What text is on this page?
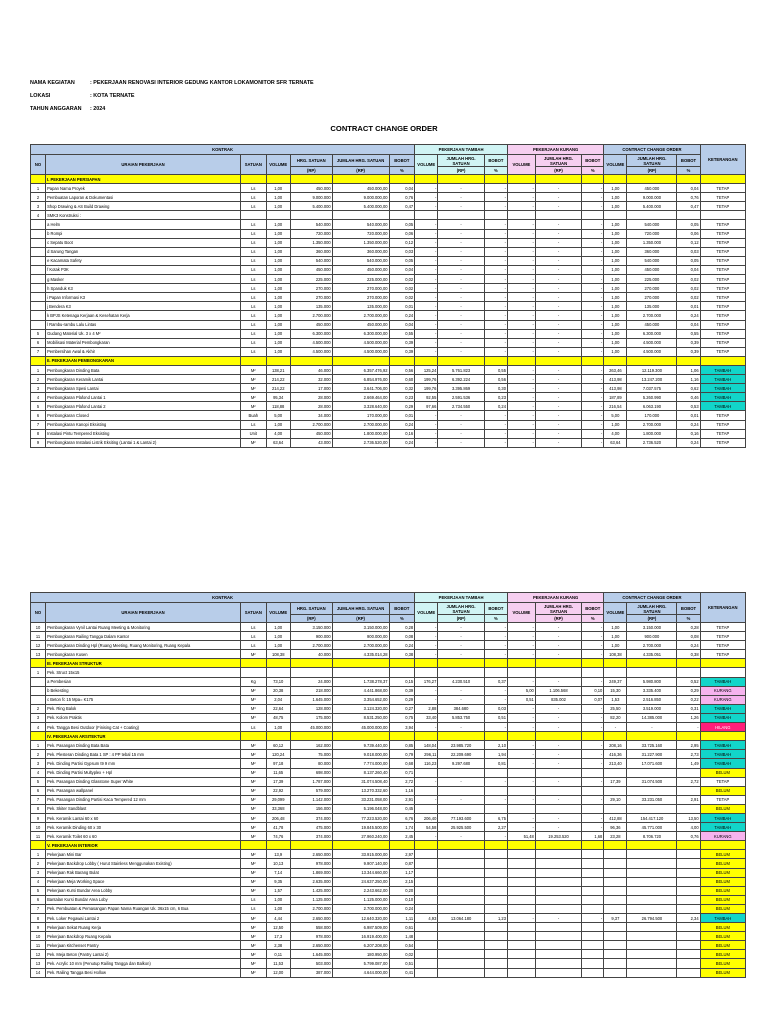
NAMA KEGIATAN	: PEKERJAAN RENOVASI INTERIOR GEDUNG KANTOR LOKAMONITOR SFR TERNATE
LOKASI	: KOTA TERNATE
TAHUN ANGGARAN : 2024
CONTRACT CHANGE ORDER
KONTRAK							PEKERJAAN TAMBAH			PEKERJAAN KURANG			CONTRACT CHANGE ORDER			KETERANGAN
NO	URAIAN PEKERJAAN	SATUAN	VOLUME	HRG. SATUAN	JUMLAH HRG. SATUAN	BOBOT	VOLUME	JUMLAH HRG. SATUAN	BOBOT	VOLUME	JUMLAH HRG. SATUAN	BOBOT	VOLUME	JUMLAH HRG. SATUAN	BOBOT	
				(RP)	(RP)	%		(RP)	%		(RP)	%		(RP)	%	
	I. PEKERJAAN PERSIAPAN															
1	Papan Nama Proyek	Ls	1,00	450.000	450.000,00	0,04	-	-	-	-	-	-	1,00	450.000	0,04	TETAP
2	Pembuatan Laporan & Dokumentasi	Ls	1,00	9.000.000	9.000.000,00	0,76	-	-	-	-	-	-	1,00	9.000.000	0,76	TETAP
3	Shop Drawing & AS Build Drawing	Ls	1,00	5.400.000	5.400.000,00	0,47	-	-	-	-	-	-	1,00	5.400.000	0,47	TETAP
4	SMK3 Konstruksi :															
	a Helm	Ls	1,00	540.000	540.000,00	0,05	-	-	-	-	-	-	1,00	540.000	0,05	TETAP
	b Rompi	Ls	1,00	720.000	720.000,00	0,06	-	-	-	-	-	-	1,00	720.000	0,06	TETAP
	c Sepatu Boot	Ls	1,00	1.350.000	1.350.000,00	0,12	-	-	-	-	-	-	1,00	1.350.000	0,12	TETAP
	d Sarung Tangan	Ls	1,00	360.000	360.000,00	0,03	-	-	-	-	-	-	1,00	360.000	0,03	TETAP
	e Kacamata Safety	Ls	1,00	540.000	540.000,00	0,05	-	-	-	-	-	-	1,00	540.000	0,05	TETAP
	f Kotak P3K	Ls	1,00	450.000	450.000,00	0,04	-	-	-	-	-	-	1,00	450.000	0,04	TETAP
	g Masker	Ls	1,00	225.000	225.000,00	0,02	-	-	-	-	-	-	1,00	225.000	0,02	TETAP
	h Spanduk K3	Ls	1,00	270.000	270.000,00	0,02	-	-	-	-	-	-	1,00	270.000	0,02	TETAP
	i Papan Informasi K3	Ls	1,00	270.000	270.000,00	0,02	-	-	-	-	-	-	1,00	270.000	0,02	TETAP
	j Bendera K3	Ls	1,00	135.000	135.000,00	0,01	-	-	-	-	-	-	1,00	135.000	0,01	TETAP
	k BPJS Ketenaga Kerjaan & Kesehatan Kerja	Ls	1,00	2.700.000	2.700.000,00	0,24	-	-	-	-	-	-	1,00	2.700.000	0,24	TETAP
	l Rambu-rambu Lalu Lintas	Ls	1,00	450.000	450.000,00	0,04	-	-	-	-	-	-	1,00	450.000	0,04	TETAP
5	Gudang Material Uk. 3 x 4 M²	Ls	1,00	6.300.000	6.300.000,00	0,55	-	-	-	-	-	-	1,00	6.300.000	0,55	TETAP
6	Mobilisasi Material Pembongkaran	Ls	1,00	4.500.000	4.500.000,00	0,39	-	-	-	-	-	-	1,00	4.500.000	0,39	TETAP
7	Pembersihan Awal & Akhir	Ls	1,00	4.500.000	4.500.000,00	0,39	-	-	-	-	-	-	1,00	4.500.000	0,39	TETAP
	II. PEKERJAAN PEMBONGKARAN															
1	Pembongkaran Dinding Bata	M²	138,21	46.000	6.357.476,92	0,56	125,24	5.761.823	0,55	-	-	-	263,46	12.119.300	1,06	TAMBAH
2	Pembongkaran Keramik Lantai	M²	214,22	32.000	6.854.976,00	0,60	199,76	6.392.224	0,56	-	-	-	413,98	13.247.200	1,16	TAMBAH
3	Pembongkaran Spesi Lantai	M²	214,22	17.000	3.641.706,00	0,32	199,76	3.395.869	0,30	-	-	-	413,98	7.037.575	0,62	TAMBAH
4	Pembongkaran Plafond Lantai 1	M²	95,34	28.000	2.669.464,00	0,23	92,55	2.591.536	0,23	-	-	-	187,89	5.260.990	0,46	TAMBAH
5	Pembongkaran Plafond Lantai 2	M²	118,88	28.000	3.328.640,00	0,29	97,66	2.734.550	0,24	-	-	-	216,54	6.063.190	0,53	TAMBAH
6	Pembongkaran Closed	Buah	5,00	34.000	170.000,00	0,01	-	-	-	-	-	-	5,00	170.000	0,01	TETAP
7	Pembongkaran Kanopi Eksisting	Ls	1,00	2.700.000	2.700.000,00	0,24	-	-	-	-	-	-	1,00	2.700.000	0,24	TETAP
8	Instalasi Pintu Tempered Eksisting	Unit	4,00	450.000	1.800.000,00	0,16	-	-	-	-	-	-	4,00	1.800.000	0,16	TETAP
9	Pembongkaran Instalasi Listrik Eksiting (Lantai 1 & Lantai 2)	M²	63,64	43.000	2.736.520,00	0,24	-	-	-	-	-	-	63,64	2.736.520	0,24	TETAP
KONTRAK							PEKERJAAN TAMBAH			PEKERJAAN KURANG			CONTRACT CHANGE ORDER			KETERANGAN
NO	URAIAN PEKERJAAN	SATUAN	VOLUME	HRG. SATUAN	JUMLAH HRG. SATUAN	BOBOT	VOLUME	JUMLAH HRG. SATUAN	BOBOT	VOLUME	JUMLAH HRG. SATUAN	BOBOT	VOLUME	JUMLAH HRG. SATUAN	BOBOT	
				(RP)	(RP)	%		(RP)	%		(RP)	%		(RP)	%	
10	Pembongkaran Vynil Lantai Ruang Meeting & Monitoring	Ls	1,00	3.150.000	3.150.000,00	0,28	-	-	-	-	-	-	1,00	3.150.000	0,28	TETAP
11	Pembongkaran Railing Tangga Dalam Kantor	Ls	1,00	900.000	900.000,00	0,08	-	-	-	-	-	-	1,00	900.000	0,08	TETAP
12	Pembongkaran Dinding Hpl (Ruang Meeting, Ruang Monitoring, Ruang Kepala	Ls	1,00	2.700.000	2.700.000,00	0,24	-	-	-	-	-	-	1,00	2.700.000	0,24	TETAP
13	Pembongkaran Kusen	M²	108,38	40.000	4.335.014,28	0,38	-	-	-	-	-	-	108,38	4.335.051	0,38	TETAP
	III. PEKERJAAN STRUKTUR															
1	Pek. Struct 15x15															
	a Pembesian	Kg	73,10	24.000	1.738.278,37	0,15	176,27	4.230.510	0,37	-	-	-	249,37	5.980.800	0,52	TAMBAH
	b Bekesting	M²	20,38	218.000	4.441.868,00	0,39	-	-	-	5,00	1.106.568	0,10	15,30	3.335.400	0,29	KURANG
	c Beton fc 15 Mpa= K175	M³	2,04	1.645.000	3.354.652,00	0,29	-	-	-	0,51	835.002	0,07	1,53	2.516.850	0,22	KURANG
2	Pek. Ring Balok	M³	22,64	128.000	3.124.320,00	0,27	2,88	384.680	0,03	-	-	-	25,50	3.519.000	0,31	TAMBAH
3	Pek. Kolom Praktis	M³	48,75	175.000	8.531.250,00	0,75	33,40	5.853.750	0,51	-	-	-	82,20	14.385.000	1,26	TAMBAH
4	Pek. Tangga Besi Outdoor (Finising Cat + Coating)	Ls	1,00	45.000.000	45.000.000,00	3,94	-	-	-	-	-	-	-	-	-	HILANG
	IV. PEKERJAAN ARSITEKTUR															
1	Pek. Pasangan Dinding Bata Bata	M²	60,12	162.000	9.739.440,00	0,85	148,04	23.985.720	2,10	-	-	-	208,16	33.725.160	2,95	TAMBAH
2	Pek. Plesteran Dinding Bata 1 SP : 4 PP tebal 15 mm	M²	120,24	75.000	9.018.000,00	0,79	296,11	22.209.690	1,94	-	-	-	416,36	31.227.900	2,73	TAMBAH
3	Pek. Dinding Partisi Gypsum t9 9 mm	M²	97,18	80.000	7.774.000,00	0,68	116,23	9.297.680	0,81	-	-	-	213,40	17.071.600	1,49	TAMBAH
4	Pek. Dinding Partisi Multyplex + Hpl	M²	11,65	698.000	8.137.260,40	0,71										BELUM
5	Pek. Pasangan Dinding Glasstone Super White	M²	17,39	1.787.000	31.074.508,40	2,72	-	-	-	-	-	-	17,39	31.074.500	2,72	TETAP
6	Pek. Pasangan wallpanel	M²	22,92	579.000	13.270.332,60	1,16										BELUM
7	Pek. Pasangan Dinding Partisi Kaca Tempered 12 mm	M²	29,099	1.142.000	33.231.058,00	2,91	-	-	-	-	-	-	29,10	33.231.050	2,91	TETAP
8	Pek. Skiter Sandblast	M²	33,368	156.000	5.196.048,00	0,45										BELUM
9	Pek. Keramik Lantai 60 x 60	M²	206,48	374.000	77.223.520,00	6,76	206,40	77.193.600	6,75	-	-	-	412,88	154.417.120	13,50	TAMBAH
10	Pek. Keramik Dinding 60 x 30	M²	41,78	475.000	19.845.500,00	1,74	54,58	25.925.500	2,27	-	-	-	96,36	45.771.000	4,00	TAMBAH
11	Pek. Keramik Toilet 60 x 60	M²	74,76	374.000	27.960.240,00	2,45	-	-	-	51,48	19.253.520	1,68	23,28	8.706.720	0,76	KURANG
	V. PEKERJAAN INTERIOR															
1	Pekerjaan Mini Bar	M²	13,9	2.650.000	33.915.000,00	2,97										BELUM
2	Pekerjaan Backdrop Lobby ( Hurut Stainless Menggunakan Existing)	M²	10,13	978.000	9.907.140,00	0,87										BELUM
3	Pekerjaan Rak Barang Bulat	M²	7,14	1.869.000	13.344.660,00	1,17										BELUM
4	Pekerjaan Meja Working Space	M²	9,35	2.635.000	24.637.250,00	2,15										BELUM
5	Pekerjaan Kursi Bundar Area Lobby	M²	1,57	1.425.000	2.243.662,00	0,20										BELUM
6	Bantalan Kursi Bundar Area Loby	Ls	1,00	1.125.000	1.125.000,00	0,10										BELUM
7	Pek. Pembuatan & Pemasangan Papan Nama Ruangan Uk. 36x15 cm, 6 Bua	Ls	1,00	2.700.000	2.700.000,00	0,24										BELUM
8	Pek. Loker Pegawai Lantai 2	M²	4,44	2.650.000	12.640.320,00	1,11	4,93	13.064.180	1,23	-	-	-	9,37	26.794.500	2,34	TAMBAH
9	Pekerjaan Sekat Ruang Kerja	M²	12,50	558.000	6.987.509,00	0,61										BELUM
10	Pekerjaan Backdrop Ruang Kepala	M²	17,3	978.000	16.919.400,00	1,48										BELUM
11	Pekerjaan Kitchenset Pantry	M²	2,38	2.650.000	6.207.208,00	0,54										BELUM
12	Pek. Meja Beton (Pantry Lantai 2)	M²	0,11	1.645.000	180.950,00	0,02										BELUM
13	Pek. Acrylic 10 mm (Penutup Railing Tangga dan Balkon)	M²	11,53	503.000	5.799.087,00	0,51										BELUM
14	Pek. Railing Tangga Besi Hollow	M²	12,00	387.000	4.644.000,00	0,41										BELUM
